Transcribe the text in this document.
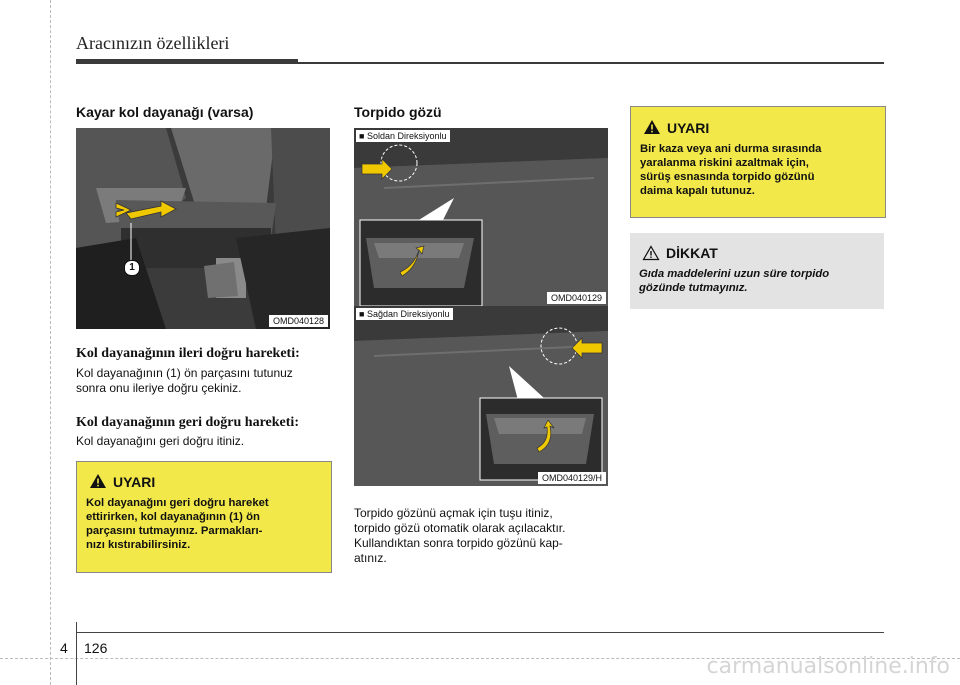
Aracınızın özellikleri
Kayar kol dayanağı (varsa)
1
OMD040128
Kol dayanağının ileri doğru hareketi:
Kol dayanağının (1) ön parçasını tutunuz
sonra onu ileriye doğru çekiniz.
Kol dayanağının geri doğru hareketi:
Kol dayanağını geri doğru itiniz.
UYARI
Kol dayanağını geri doğru hareket
ettirirken, kol dayanağının (1) ön
parçasını tutmayınız. Parmakları-
nızı kıstırabilirsiniz.
Torpido gözü
■ Soldan Direksiyonlu
OMD040129
■ Sağdan Direksiyonlu
OMD040129/H
Torpido gözünü açmak için tuşu itiniz,
torpido gözü otomatik olarak açılacaktır.
Kullandıktan sonra torpido gözünü kap-
atınız.
UYARI
Bir kaza veya ani durma sırasında
yaralanma riskini azaltmak için,
sürüş esnasında torpido gözünü
daima kapalı tutunuz.
DİKKAT
Gıda maddelerini uzun süre torpido
gözünde tutmayınız.
4 126
carmanualsonline.info
